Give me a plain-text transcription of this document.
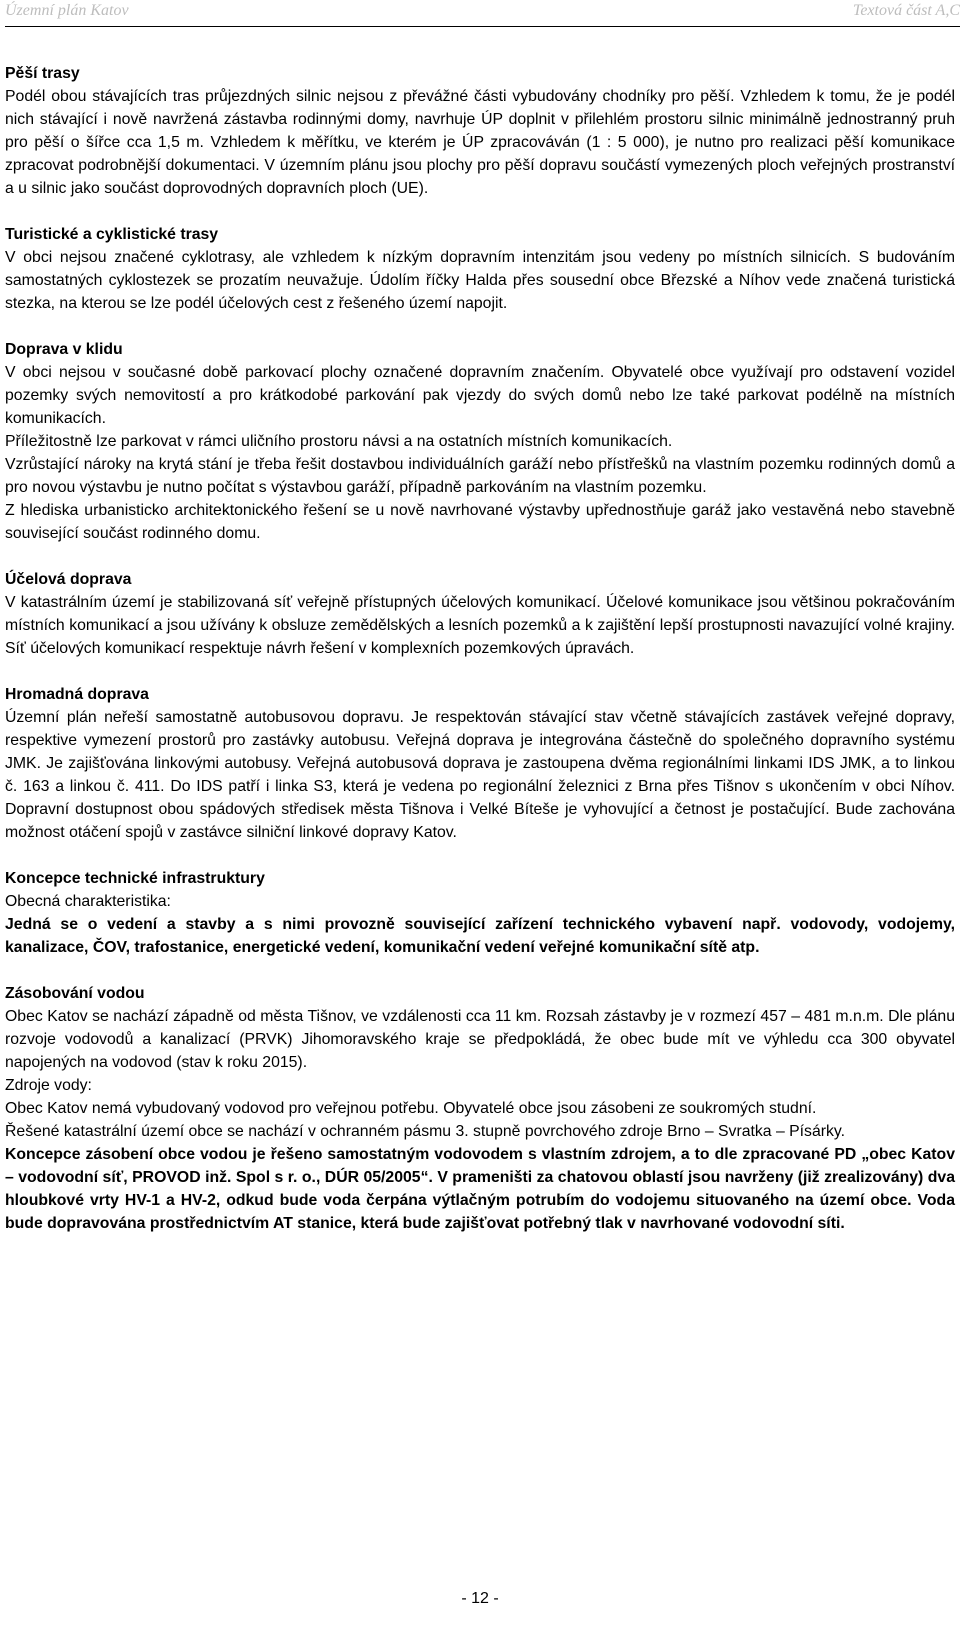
Územní plán Katov	Textová část A,C

Pěší trasy

Podél obou stávajících tras průjezdných silnic nejsou z převážné části vybudovány chodníky pro pěší. Vzhledem k tomu, že je podél nich stávající i nově navržená zástavba rodinnými domy, navrhuje ÚP doplnit v přilehlém prostoru silnic minimálně jednostranný pruh pro pěší o šířce cca 1,5 m. Vzhledem k měřítku, ve kterém je ÚP zpracováván (1 : 5 000), je nutno pro realizaci pěší komunikace zpracovat podrobnější dokumentaci. V územním plánu jsou plochy pro pěší dopravu součástí vymezených ploch veřejných prostranství a u silnic jako součást doprovodných dopravních ploch (UE).

Turistické a cyklistické trasy

V obci nejsou značené cyklotrasy, ale vzhledem k nízkým dopravním intenzitám jsou vedeny po místních silnicích. S budováním samostatných cyklostezek se prozatím neuvažuje. Údolím říčky Halda přes sousední obce Březské a Níhov vede značená turistická stezka, na kterou se lze podél účelových cest z řešeného území napojit.

Doprava v klidu

V obci nejsou v současné době parkovací plochy označené dopravním značením. Obyvatelé obce využívají pro odstavení vozidel pozemky svých nemovitostí a pro krátkodobé parkování pak vjezdy do svých domů nebo lze také parkovat podélně na místních komunikacích.

Příležitostně lze parkovat v rámci uličního prostoru návsi a na ostatních místních komunikacích.

Vzrůstající nároky na krytá stání je třeba řešit dostavbou individuálních garáží nebo přístřešků na vlastním pozemku rodinných domů a pro novou výstavbu je nutno počítat s výstavbou garáží, případně parkováním na vlastním pozemku.

Z hlediska urbanisticko architektonického řešení se u nově navrhované výstavby upřednostňuje garáž jako vestavěná nebo stavebně související součást rodinného domu.

Účelová doprava

V katastrálním území je stabilizovaná síť veřejně přístupných účelových komunikací. Účelové komunikace jsou většinou pokračováním místních komunikací a jsou užívány k obsluze zemědělských a lesních pozemků a k zajištění lepší prostupnosti navazující volné krajiny. Síť účelových komunikací respektuje návrh řešení v komplexních pozemkových úpravách.

Hromadná doprava

Územní plán neřeší samostatně autobusovou dopravu. Je respektován stávající stav včetně stávajících zastávek veřejné dopravy, respektive vymezení prostorů pro zastávky autobusu. Veřejná doprava je integrována částečně do společného dopravního systému JMK. Je zajišťována linkovými autobusy. Veřejná autobusová doprava je zastoupena dvěma regionálními linkami IDS JMK, a to linkou č. 163 a linkou č. 411. Do IDS patří i linka S3, která je vedena po regionální železnici z Brna přes Tišnov s ukončením v obci Níhov. Dopravní dostupnost obou spádových středisek města Tišnova i Velké Bíteše je vyhovující a četnost je postačující. Bude zachována možnost otáčení spojů v zastávce silniční linkové dopravy Katov.

Koncepce technické infrastruktury

Obecná charakteristika:

Jedná se o vedení a stavby a s nimi provozně související zařízení technického vybavení např. vodovody, vodojemy, kanalizace, ČOV, trafostanice, energetické vedení, komunikační vedení veřejné komunikační sítě atp.

Zásobování vodou

Obec Katov se nachází západně od města Tišnov, ve vzdálenosti cca 11 km. Rozsah zástavby je v rozmezí 457 – 481 m.n.m. Dle plánu rozvoje vodovodů a kanalizací (PRVK) Jihomoravského kraje se předpokládá, že obec bude mít ve výhledu cca 300 obyvatel napojených na vodovod (stav k roku 2015).

Zdroje vody:

Obec Katov nemá vybudovaný vodovod pro veřejnou potřebu. Obyvatelé obce jsou zásobeni ze soukromých studní.

Řešené katastrální území obce se nachází v ochranném pásmu 3. stupně povrchového zdroje Brno – Svratka – Písárky.

Koncepce zásobení obce vodou je řešeno samostatným vodovodem s vlastním zdrojem, a to dle zpracované PD „obec Katov – vodovodní síť, PROVOD inž. Spol s r. o., DÚR 05/2005“. V prameništi za chatovou oblastí jsou navrženy (již zrealizovány) dva hloubkové vrty HV-1 a HV-2, odkud bude voda čerpána výtlačným potrubím do vodojemu situovaného na území obce. Voda bude dopravována prostřednictvím AT stanice, která bude zajišťovat potřebný tlak v navrhované vodovodní síti.

- 12 -
